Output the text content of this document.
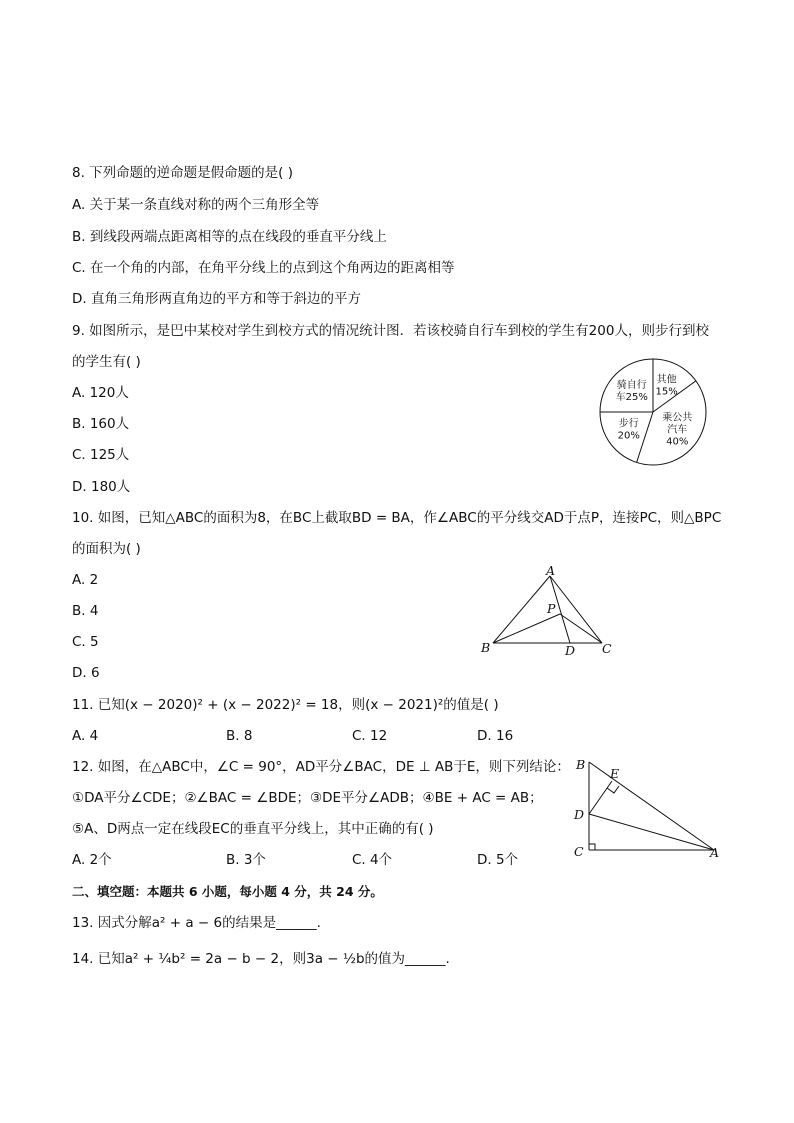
8. 下列命题的逆命题是假命题的是( )
A. 关于某一条直线对称的两个三角形全等
B. 到线段两端点距离相等的点在线段的垂直平分线上
C. 在一个角的内部，在角平分线上的点到这个角两边的距离相等
D. 直角三角形两直角边的平方和等于斜边的平方
9. 如图所示，是巴中某校对学生到校方式的情况统计图．若该校骑自行车到校的学生有200人，则步行到校
的学生有( )
A. 120人
B. 160人
C. 125人
D. 180人
其他
15%
乘公共
汽车
40%
步行
20%
骑自行
车25%
10. 如图，已知△ABC的面积为8，在BC上截取BD = BA，作∠ABC的平分线交AD于点P，连接PC，则△BPC
的面积为( )
A. 2
B. 4
C. 5
D. 6
A
P
B	D C
11. 已知(x − 2020)² + (x − 2022)² = 18，则(x − 2021)²的值是( )
A. 4	B. 8	C. 12	D. 16
12. 如图，在△ABC中，∠C = 90°，AD平分∠BAC，DE ⊥ AB于E，则下列结论：
①DA平分∠CDE；②∠BAC = ∠BDE；③DE平分∠ADB；④BE + AC = AB；
⑤A、D两点一定在线段EC的垂直平分线上，其中正确的有( )
A. 2个	B. 3个	C. 4个	D. 5个
B
E
D
C	A
二、填空题：本题共 6 小题，每小题 4 分，共 24 分。
13. 因式分解a² + a − 6的结果是______.
14. 已知a² + ¼b² = 2a − b − 2，则3a − ½b的值为______.
